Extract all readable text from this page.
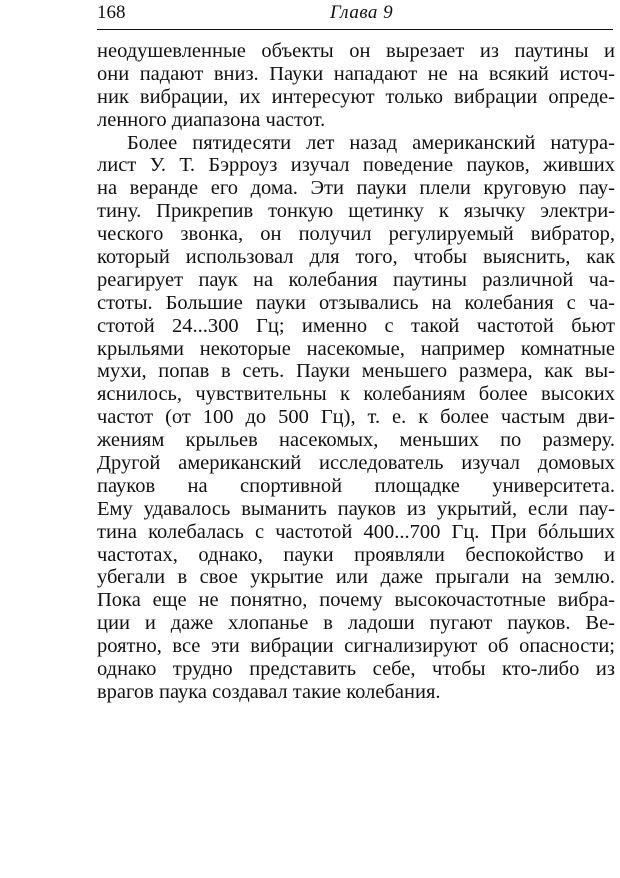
168	Глава 9
неодушевленные объекты он вырезает из паутины и
они падают вниз. Пауки нападают не на всякий источ-
ник вибрации, их интересуют только вибрации опреде-
ленного диапазона частот.
Более пятидесяти лет назад американский натура-
лист У. Т. Бэрроуз изучал поведение пауков, живших
на веранде его дома. Эти пауки плели круговую пау-
тину. Прикрепив тонкую щетинку к язычку электри-
ческого звонка, он получил регулируемый вибратор,
который использовал для того, чтобы выяснить, как
реагирует паук на колебания паутины различной ча-
стоты. Большие пауки отзывались на колебания с ча-
стотой 24...300 Гц; именно с такой частотой бьют
крыльями некоторые насекомые, например комнатные
мухи, попав в сеть. Пауки меньшего размера, как вы-
яснилось, чувствительны к колебаниям более высоких
частот (от 100 до 500 Гц), т. е. к более частым дви-
жениям крыльев насекомых, меньших по размеру.
Другой американский исследователь изучал домовых
пауков на спортивной площадке университета.
Ему удавалось выманить пауков из укрытий, если пау-
тина колебалась с частотой 400...700 Гц. При бóльших
частотах, однако, пауки проявляли беспокойство и
убегали в свое укрытие или даже прыгали на землю.
Пока еще не понятно, почему высокочастотные вибра-
ции и даже хлопанье в ладоши пугают пауков. Ве-
роятно, все эти вибрации сигнализируют об опасности;
однако трудно представить себе, чтобы кто-либо из
врагов паука создавал такие колебания.
